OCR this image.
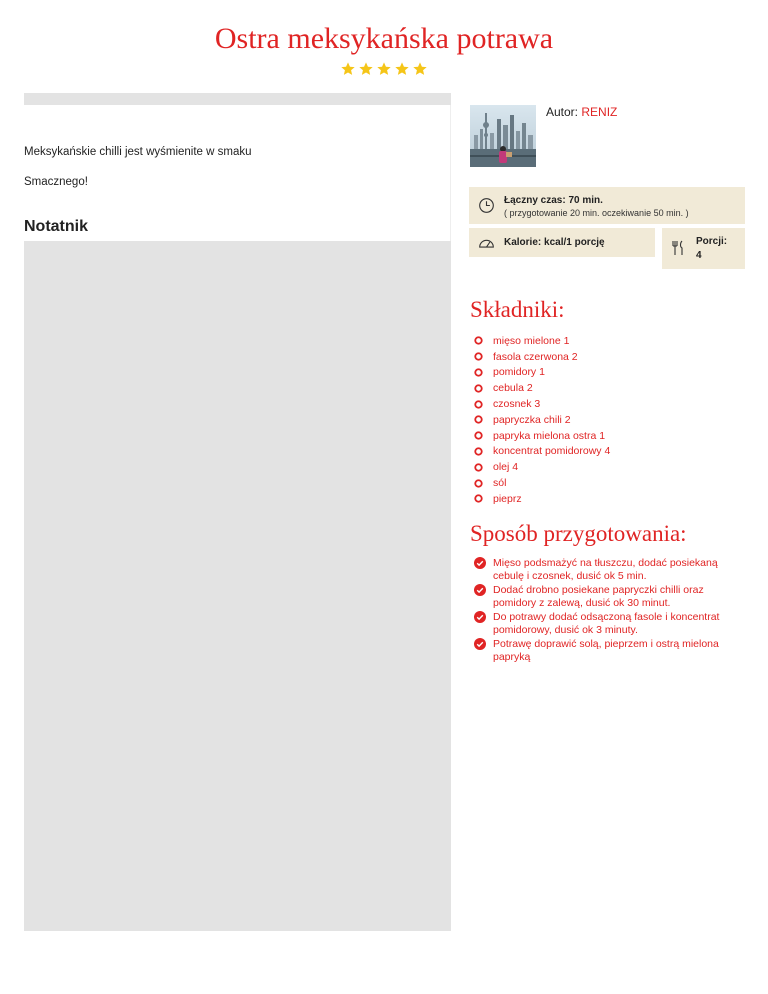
Ostra meksykańska potrawa

Meksykańskie chilli jest wyśmienite w smaku

Smacznego!

Notatnik
Autor: RENIZ
Łączny czas: 70 min.
( przygotowanie 20 min. oczekiwanie 50 min. )
Kalorie: kcal/1 porcję	Porcji:
4
Składniki:
mięso mielone 1
fasola czerwona 2
pomidory 1
cebula 2
czosnek 3
papryczka chili 2
papryka mielona ostra 1
koncentrat pomidorowy 4
olej 4
sól
pieprz
Sposób przygotowania:
Mięso podsmażyć na tłuszczu, dodać posiekaną cebulę i czosnek, dusić ok 5 min.
Dodać drobno posiekane papryczki chilli oraz pomidory z zalewą, dusić ok 30 minut.
Do potrawy dodać odsączoną fasole i koncentrat pomidorowy, dusić ok 3 minuty.
Potrawę doprawić solą, pieprzem i ostrą mielona papryką
